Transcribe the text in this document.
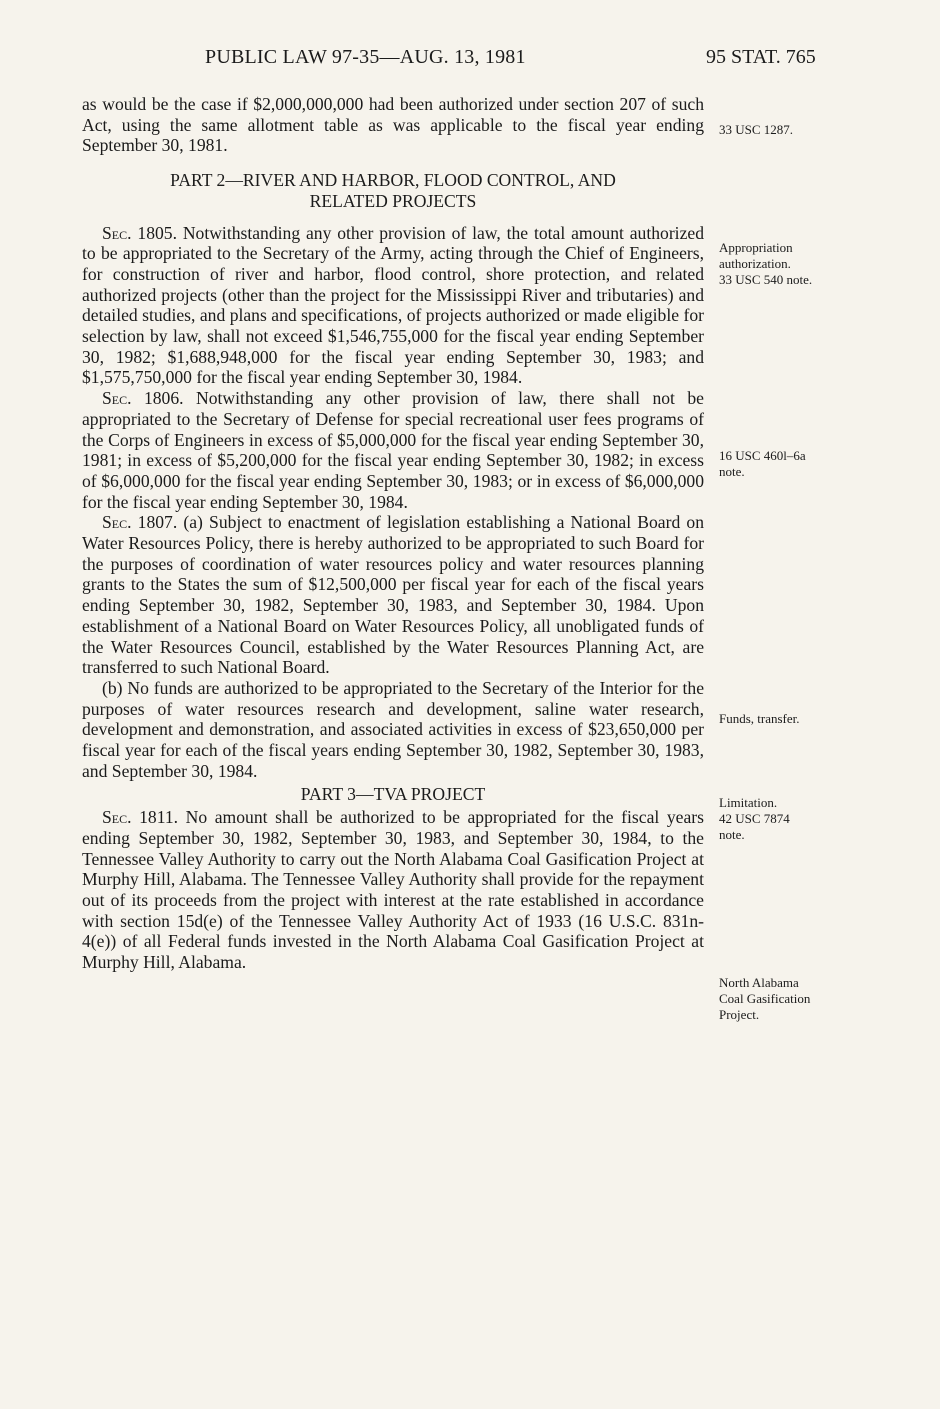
PUBLIC LAW 97-35—AUG. 13, 1981	95 STAT. 765

as would be the case if $2,000,000,000 had been authorized under section 207 of such Act, using the same allotment table as was applicable to the fiscal year ending September 30, 1981.

PART 2—RIVER AND HARBOR, FLOOD CONTROL, AND
RELATED PROJECTS

Sec. 1805. Notwithstanding any other provision of law, the total amount authorized to be appropriated to the Secretary of the Army, acting through the Chief of Engineers, for construction of river and harbor, flood control, shore protection, and related authorized projects (other than the project for the Mississippi River and tributaries) and detailed studies, and plans and specifications, of projects authorized or made eligible for selection by law, shall not exceed $1,546,755,000 for the fiscal year ending September 30, 1982; $1,688,948,000 for the fiscal year ending September 30, 1983; and $1,575,750,000 for the fiscal year ending September 30, 1984.

Sec. 1806. Notwithstanding any other provision of law, there shall not be appropriated to the Secretary of Defense for special recreational user fees programs of the Corps of Engineers in excess of $5,000,000 for the fiscal year ending September 30, 1981; in excess of $5,200,000 for the fiscal year ending September 30, 1982; in excess of $6,000,000 for the fiscal year ending September 30, 1983; or in excess of $6,000,000 for the fiscal year ending September 30, 1984.

Sec. 1807. (a) Subject to enactment of legislation establishing a National Board on Water Resources Policy, there is hereby authorized to be appropriated to such Board for the purposes of coordination of water resources policy and water resources planning grants to the States the sum of $12,500,000 per fiscal year for each of the fiscal years ending September 30, 1982, September 30, 1983, and September 30, 1984. Upon establishment of a National Board on Water Resources Policy, all unobligated funds of the Water Resources Council, established by the Water Resources Planning Act, are transferred to such National Board.

(b) No funds are authorized to be appropriated to the Secretary of the Interior for the purposes of water resources research and development, saline water research, development and demonstration, and associated activities in excess of $23,650,000 per fiscal year for each of the fiscal years ending September 30, 1982, September 30, 1983, and September 30, 1984.

PART 3—TVA PROJECT

Sec. 1811. No amount shall be authorized to be appropriated for the fiscal years ending September 30, 1982, September 30, 1983, and September 30, 1984, to the Tennessee Valley Authority to carry out the North Alabama Coal Gasification Project at Murphy Hill, Alabama. The Tennessee Valley Authority shall provide for the repayment out of its proceeds from the project with interest at the rate established in accordance with section 15d(e) of the Tennessee Valley Authority Act of 1933 (16 U.S.C. 831n-4(e)) of all Federal funds invested in the North Alabama Coal Gasification Project at Murphy Hill, Alabama.

33 USC 1287.
Appropriation
authorization.
33 USC 540 note.
16 USC 460l–6a
note.
Funds, transfer.
Limitation.
42 USC 7874
note.
North Alabama
Coal Gasification
Project.
